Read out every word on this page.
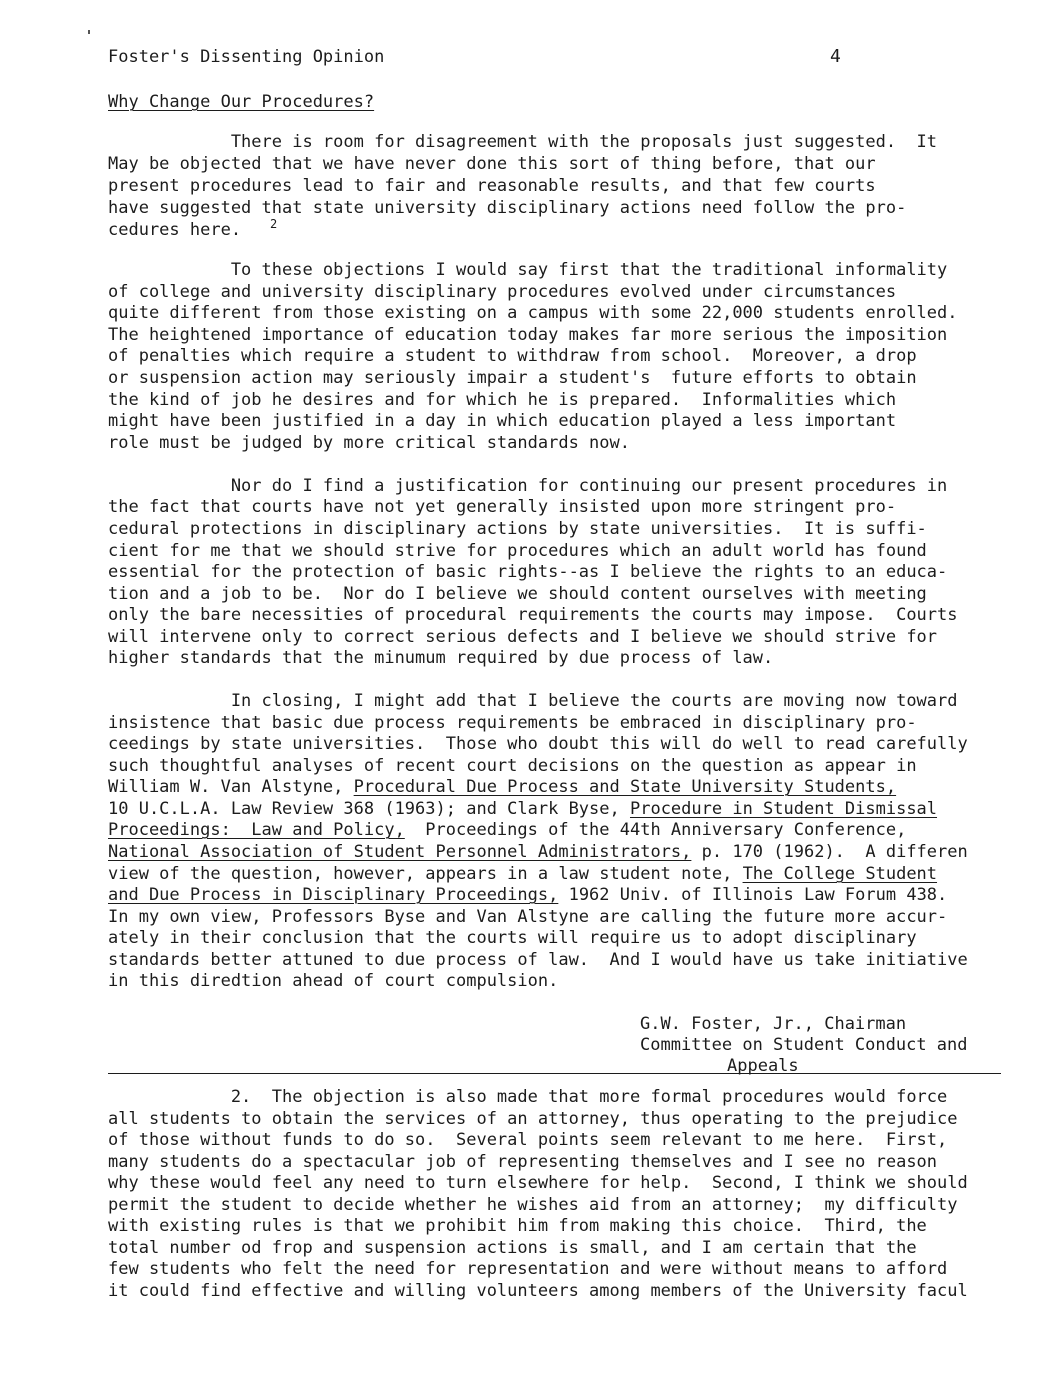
Foster's Dissenting Opinion	4

Why Change Our Procedures?

There is room for disagreement with the proposals just suggested.  It

May be objected that we have never done this sort of thing before, that our

present procedures lead to fair and reasonable results, and that few courts

have suggested that state university disciplinary actions need follow the pro-

cedures here. 2

To these objections I would say first that the traditional informality

of college and university disciplinary procedures evolved under circumstances

quite different from those existing on a campus with some 22,000 students enrolled.

The heightened importance of education today makes far more serious the imposition

of penalties which require a student to withdraw from school.  Moreover, a drop

or suspension action may seriously impair a student's  future efforts to obtain

the kind of job he desires and for which he is prepared.  Informalities which

might have been justified in a day in which education played a less important

role must be judged by more critical standards now.

Nor do I find a justification for continuing our present procedures in

the fact that courts have not yet generally insisted upon more stringent pro-

cedural protections in disciplinary actions by state universities.  It is suffi-

cient for me that we should strive for procedures which an adult world has found

essential for the protection of basic rights--as I believe the rights to an educa-

tion and a job to be.  Nor do I believe we should content ourselves with meeting

only the bare necessities of procedural requirements the courts may impose.  Courts

will intervene only to correct serious defects and I believe we should strive for

higher standards that the minumum required by due process of law.

In closing, I might add that I believe the courts are moving now toward

insistence that basic due process requirements be embraced in disciplinary pro-

ceedings by state universities.  Those who doubt this will do well to read carefully

such thoughtful analyses of recent court decisions on the question as appear in

William W. Van Alstyne, Procedural Due Process and State University Students,

10 U.C.L.A. Law Review 368 (1963); and Clark Byse, Procedure in Student Dismissal

Proceedings:  Law and Policy,  Proceedings of the 44th Anniversary Conference,

National Association of Student Personnel Administrators, p. 170 (1962).  A differen

view of the question, however, appears in a law student note, The College Student

and Due Process in Disciplinary Proceedings, 1962 Univ. of Illinois Law Forum 438.

In my own view, Professors Byse and Van Alstyne are calling the future more accur-

ately in their conclusion that the courts will require us to adopt disciplinary

standards better attuned to due process of law.  And I would have us take initiative

in this diredtion ahead of court compulsion.

G.W. Foster, Jr., Chairman

Committee on Student Conduct and

Appeals

2.  The objection is also made that more formal procedures would force

all students to obtain the services of an attorney, thus operating to the prejudice

of those without funds to do so.  Several points seem relevant to me here.  First,

many students do a spectacular job of representing themselves and I see no reason

why these would feel any need to turn elsewhere for help.  Second, I think we should

permit the student to decide whether he wishes aid from an attorney;  my difficulty

with existing rules is that we prohibit him from making this choice.  Third, the

total number od frop and suspension actions is small, and I am certain that the

few students who felt the need for representation and were without means to afford

it could find effective and willing volunteers among members of the University facul
